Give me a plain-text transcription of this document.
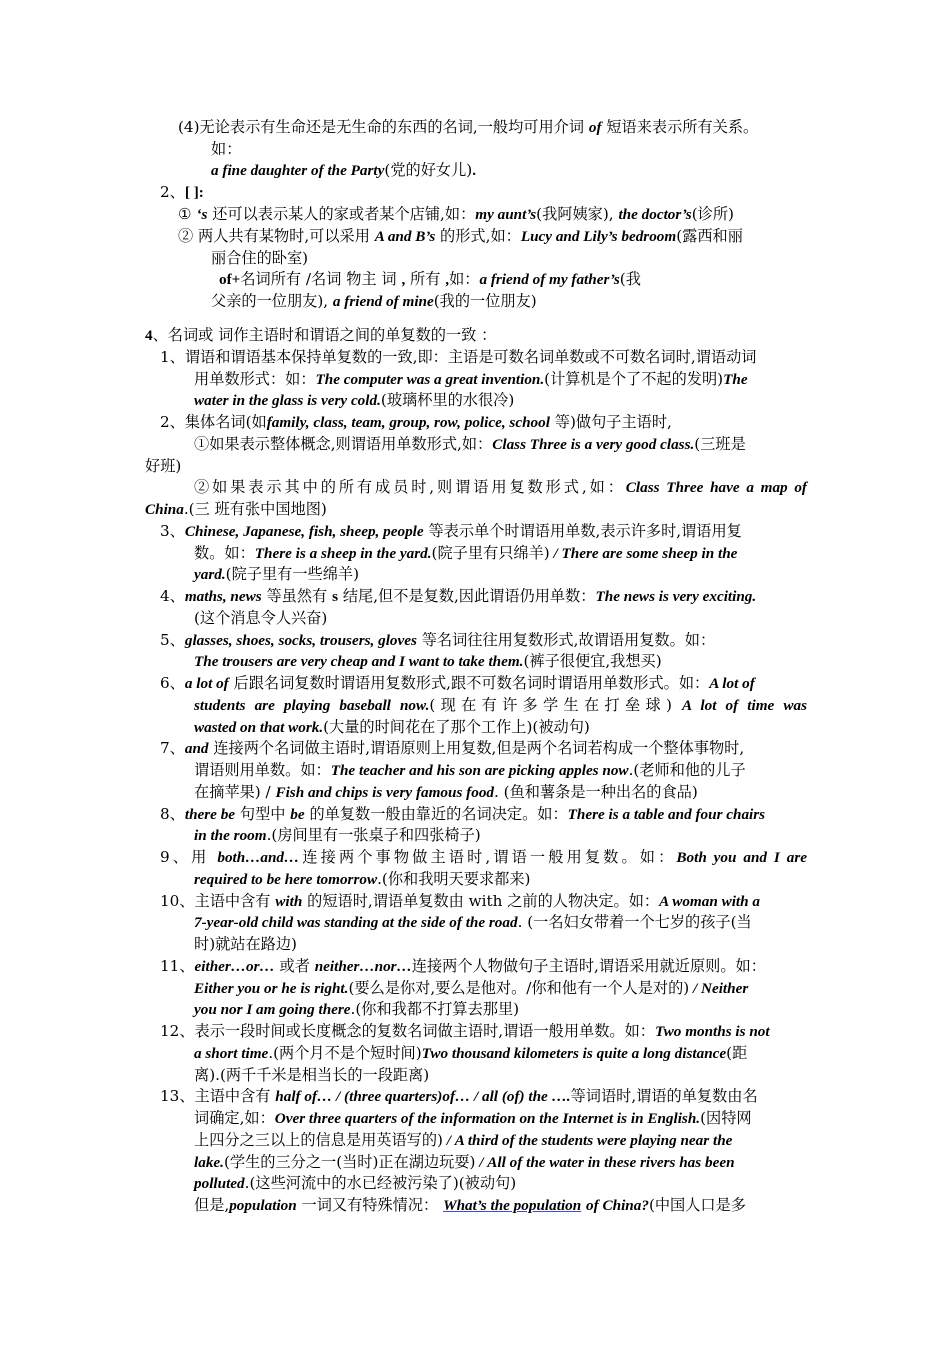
(4)无论表示有生命还是无生命的东西的名词,一般均可用介词 of 短语来表示所有关系。
如：
a fine daughter of the Party(党的好女儿).
2、[ ]:
① ‘s 还可以表示某人的家或者某个店铺,如：my aunt’s(我阿姨家), the doctor’s(诊所)
② 两人共有某物时,可以采用 A and B’s 的形式,如：Lucy and Lily’s bedroom(露西和丽
丽合住的卧室)
of+名词所有 /名词 物主 词 , 所有 ,如：a friend of my father’s(我
父亲的一位朋友), a friend of mine(我的一位朋友)
4、名词或 词作主语时和谓语之间的单复数的一致 ：
1、谓语和谓语基本保持单复数的一致,即：主语是可数名词单数或不可数名词时,谓语动词
用单数形式：如：The computer was a great invention.(计算机是个了不起的发明)The
water in the glass is very cold.(玻璃杯里的水很冷)
2、集体名词(如family, class, team, group, row, police, school 等)做句子主语时,
①如果表示整体概念,则谓语用单数形式,如：Class Three is a very good class.(三班是
好班)
②如果表示其中的所有成员时,则谓语用复数形式,如：Class Three have a map of
China.(三 班有张中国地图)
3、Chinese, Japanese, fish, sheep, people 等表示单个时谓语用单数,表示许多时,谓语用复
数。如：There is a sheep in the yard.(院子里有只绵羊) / There are some sheep in the
yard.(院子里有一些绵羊)
4、maths, news 等虽然有 s 结尾,但不是复数,因此谓语仍用单数：The news is very exciting.
(这个消息令人兴奋)
5、glasses, shoes, socks, trousers, gloves 等名词往往用复数形式,故谓语用复数。如：
The trousers are very cheap and I want to take them.(裤子很便宜,我想买)
6、a lot of 后跟名词复数时谓语用复数形式,跟不可数名词时谓语用单数形式。如：A lot of
students are playing baseball now.(现在有许多学生在打垒球) A lot of time was
wasted on that work.(大量的时间花在了那个工作上)(被动句)
7、and 连接两个名词做主语时,谓语原则上用复数,但是两个名词若构成一个整体事物时,
谓语则用单数。如：The teacher and his son are picking apples now.(老师和他的儿子
在摘苹果) / Fish and chips is very famous food. (鱼和薯条是一种出名的食品)
8、there be 句型中 be 的单复数一般由靠近的名词决定。如：There is a table and four chairs
in the room.(房间里有一张桌子和四张椅子)
9、用 both…and…连接两个事物做主语时,谓语一般用复数。如：Both you and I are
required to be here tomorrow.(你和我明天要求都来)
10、主语中含有 with 的短语时,谓语单复数由 with 之前的人物决定。如：A woman with a
7-year-old child was standing at the side of the road. (一名妇女带着一个七岁的孩子(当
时)就站在路边)
11、either…or… 或者 neither…nor…连接两个人物做句子主语时,谓语采用就近原则。如：
Either you or he is right.(要么是你对,要么是他对。/你和他有一个人是对的) / Neither
you nor I am going there.(你和我都不打算去那里)
12、表示一段时间或长度概念的复数名词做主语时,谓语一般用单数。如：Two months is not
a short time.(两个月不是个短时间)Two thousand kilometers is quite a long distance(距
离).(两千千米是相当长的一段距离)
13、主语中含有 half of… / (three quarters)of… / all (of) the ….等词语时,谓语的单复数由名
词确定,如：Over three quarters of the information on the Internet is in English.(因特网
上四分之三以上的信息是用英语写的) / A third of the students were playing near the
lake.(学生的三分之一(当时)正在湖边玩耍) / All of the water in these rivers has been
polluted.(这些河流中的水已经被污染了)(被动句)
但是,population 一词又有特殊情况： What’s the population of China?(中国人口是多
